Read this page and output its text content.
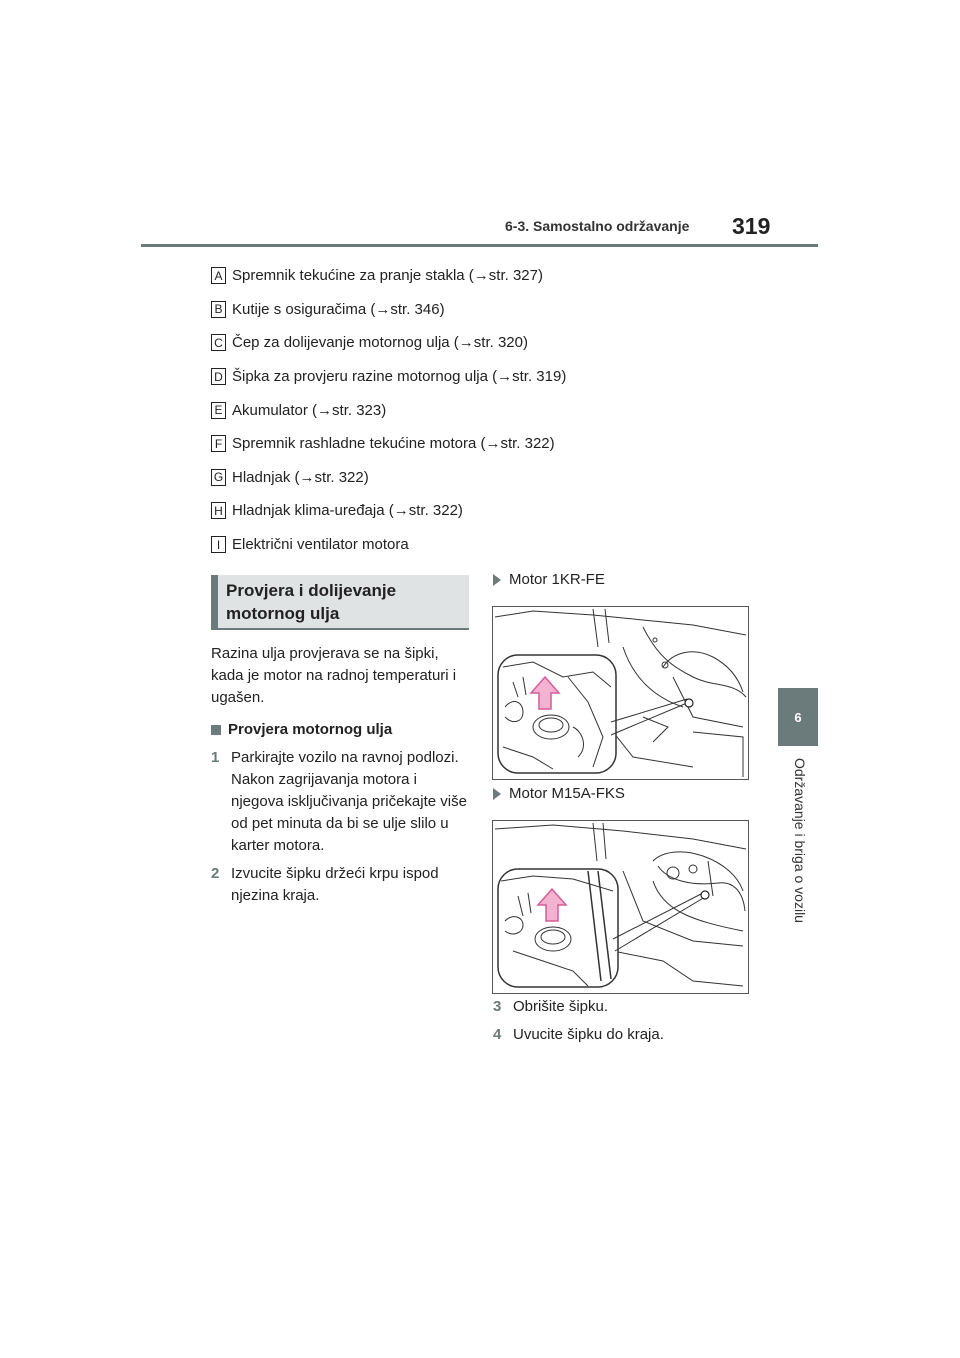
6-3. Samostalno održavanje 319
6
Održavanje i briga o vozilu
A Spremnik tekućine za pranje stakla (→str. 327)
B Kutije s osiguračima (→str. 346)
C Čep za dolijevanje motornog ulja (→str. 320)
D Šipka za provjeru razine motornog ulja (→str. 319)
E Akumulator (→str. 323)
F Spremnik rashladne tekućine motora (→str. 322)
G Hladnjak (→str. 322)
H Hladnjak klima-uređaja (→str. 322)
I Električni ventilator motora
Provjera i dolijevanje
motornog ulja

Razina ulja provjerava se na šipki, kada je motor na radnoj temperaturi i ugašen.

Provjera motornog ulja

1 Parkirajte vozilo na ravnoj podlozi. Nakon zagrijavanja motora i njegova isključivanja pričekajte više od pet minuta da bi se ulje slilo u karter motora.

2 Izvucite šipku držeći krpu ispod njezina kraja.

Motor 1KR-FE
Motor M15A-FKS
3 Obrišite šipku.
4 Uvucite šipku do kraja.
